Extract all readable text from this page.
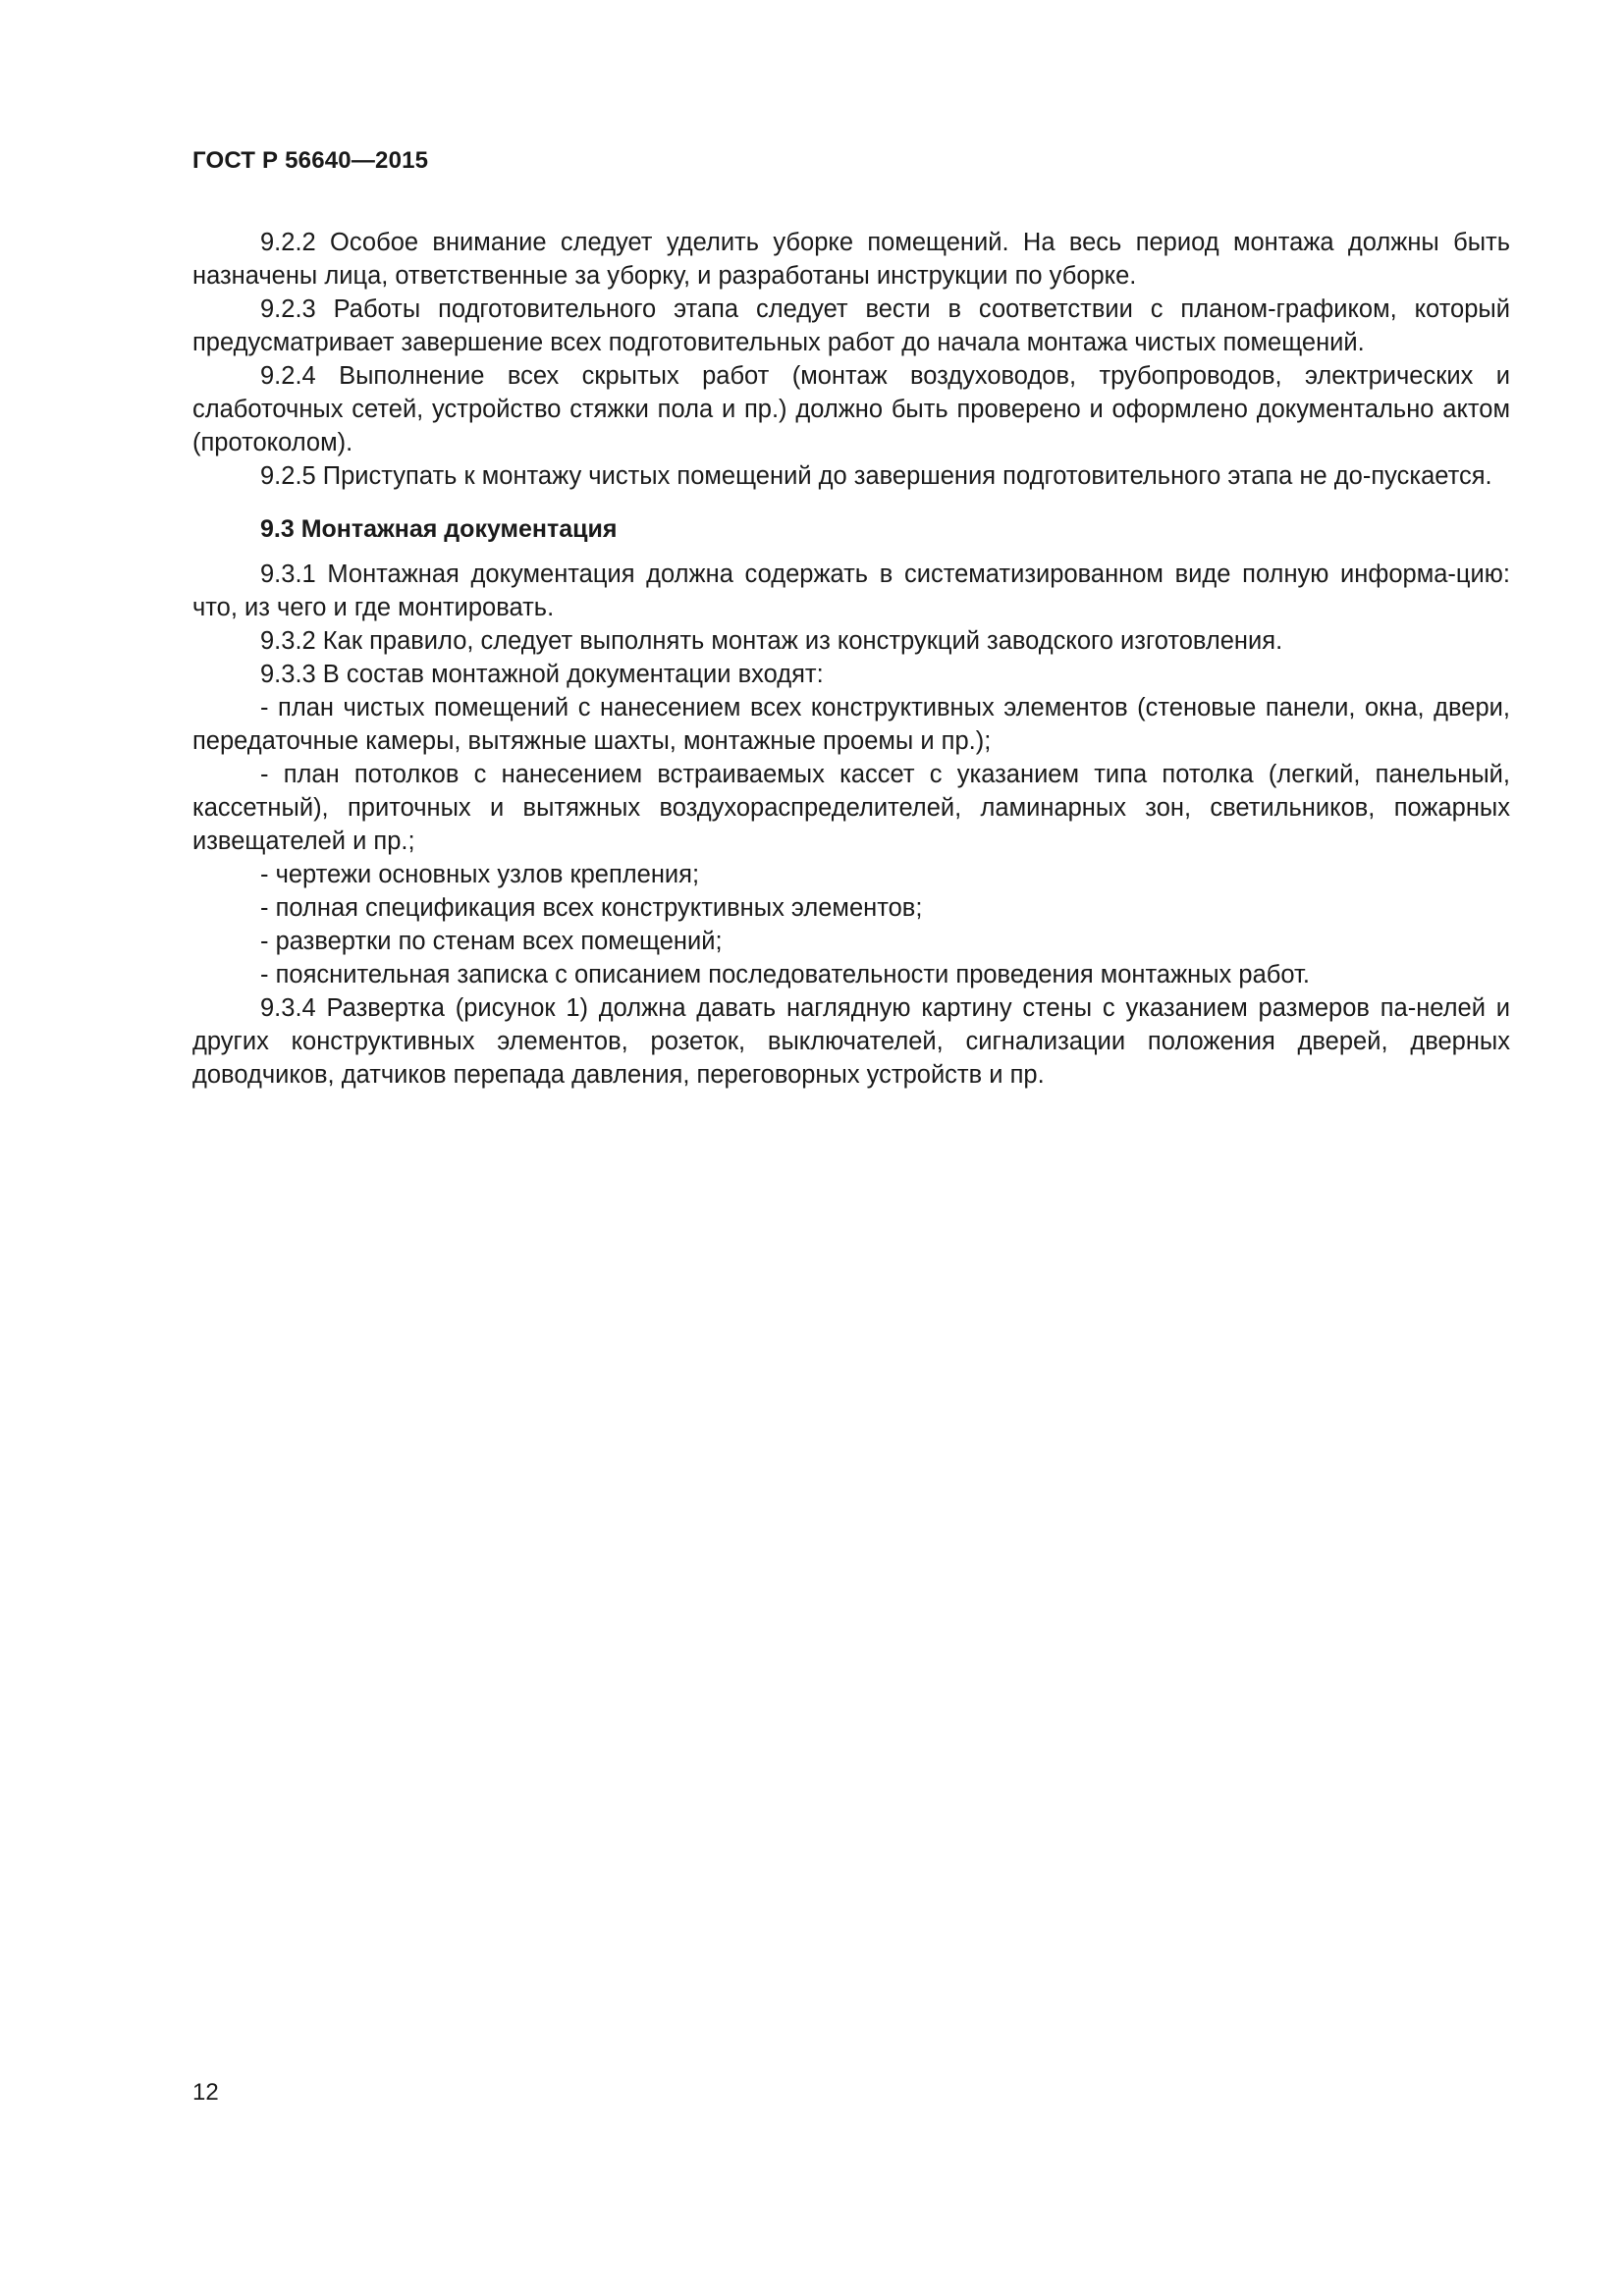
ГОСТ Р 56640—2015

9.2.2 Особое внимание следует уделить уборке помещений. На весь период монтажа должны быть назначены лица, ответственные за уборку, и разработаны инструкции по уборке.

9.2.3 Работы подготовительного этапа следует вести в соответствии с планом-графиком, который предусматривает завершение всех подготовительных работ до начала монтажа чистых помещений.

9.2.4 Выполнение всех скрытых работ (монтаж воздуховодов, трубопроводов, электрических и слаботочных сетей, устройство стяжки пола и пр.) должно быть проверено и оформлено документально актом (протоколом).

9.2.5 Приступать к монтажу чистых помещений до завершения подготовительного этапа не до-пускается.

9.3 Монтажная документация

9.3.1 Монтажная документация должна содержать в систематизированном виде полную информа-цию: что, из чего и где монтировать.

9.3.2 Как правило, следует выполнять монтаж из конструкций заводского изготовления.

9.3.3 В состав монтажной документации входят:

- план чистых помещений с нанесением всех конструктивных элементов (стеновые панели, окна, двери, передаточные камеры, вытяжные шахты, монтажные проемы и пр.);

- план потолков с нанесением встраиваемых кассет с указанием типа потолка (легкий, панельный, кассетный), приточных и вытяжных воздухораспределителей, ламинарных зон, светильников, пожарных извещателей и пр.;

- чертежи основных узлов крепления;

- полная спецификация всех конструктивных элементов;

- развертки по стенам всех помещений;

- пояснительная записка с описанием последовательности проведения монтажных работ.

9.3.4 Развертка (рисунок 1) должна давать наглядную картину стены с указанием размеров па-нелей и других конструктивных элементов, розеток, выключателей, сигнализации положения дверей, дверных доводчиков, датчиков перепада давления, переговорных устройств и пр.

12
